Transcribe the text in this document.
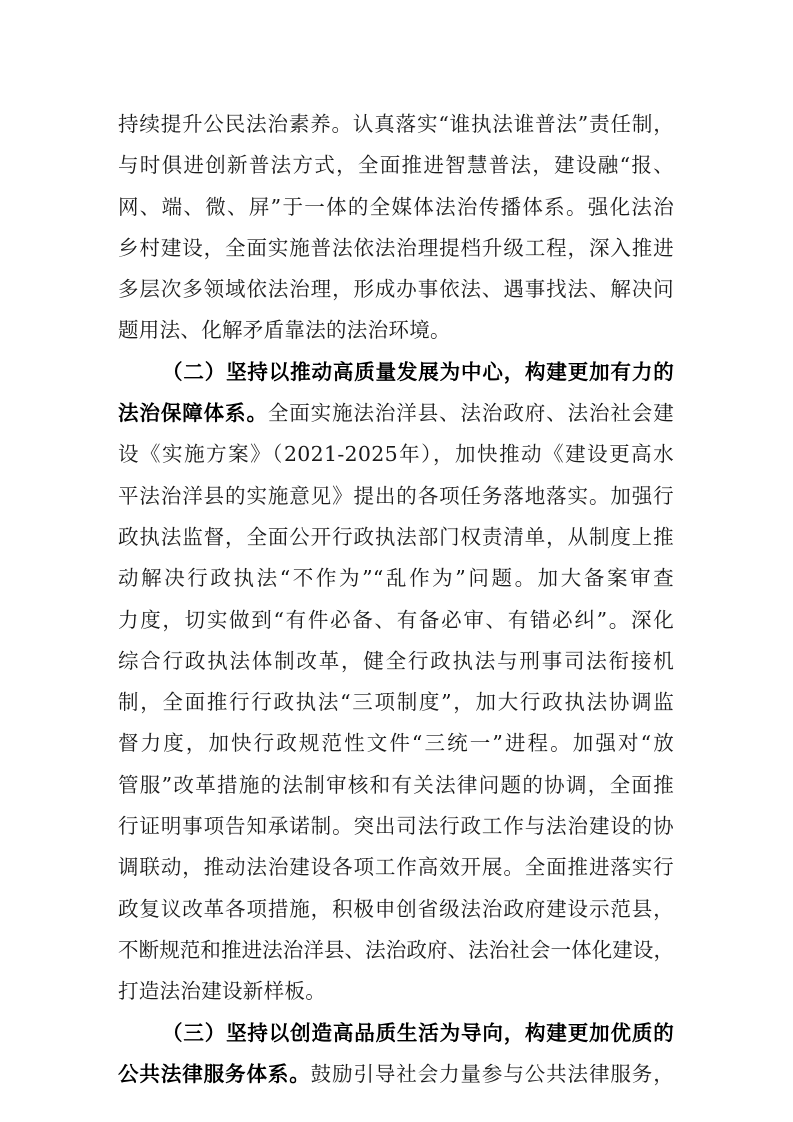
持续提升公民法治素养。认真落实“谁执法谁普法”责任制，
与时俱进创新普法方式，全面推进智慧普法，建设融“报、
网、端、微、屏”于一体的全媒体法治传播体系。强化法治
乡村建设，全面实施普法依法治理提档升级工程，深入推进
多层次多领域依法治理，形成办事依法、遇事找法、解决问
题用法、化解矛盾靠法的法治环境。
（二）坚持以推动高质量发展为中心，构建更加有力的
法治保障体系。全面实施法治洋县、法治政府、法治社会建
设《实施方案》（2021-2025年），加快推动《建设更高水
平法治洋县的实施意见》提出的各项任务落地落实。加强行
政执法监督，全面公开行政执法部门权责清单，从制度上推
动解决行政执法“不作为”“乱作为”问题。加大备案审查
力度，切实做到“有件必备、有备必审、有错必纠”。深化
综合行政执法体制改革，健全行政执法与刑事司法衔接机
制，全面推行行政执法“三项制度”，加大行政执法协调监
督力度，加快行政规范性文件“三统一”进程。加强对“放
管服”改革措施的法制审核和有关法律问题的协调，全面推
行证明事项告知承诺制。突出司法行政工作与法治建设的协
调联动，推动法治建设各项工作高效开展。全面推进落实行
政复议改革各项措施，积极申创省级法治政府建设示范县，
不断规范和推进法治洋县、法治政府、法治社会一体化建设，
打造法治建设新样板。
（三）坚持以创造高品质生活为导向，构建更加优质的
公共法律服务体系。鼓励引导社会力量参与公共法律服务，
